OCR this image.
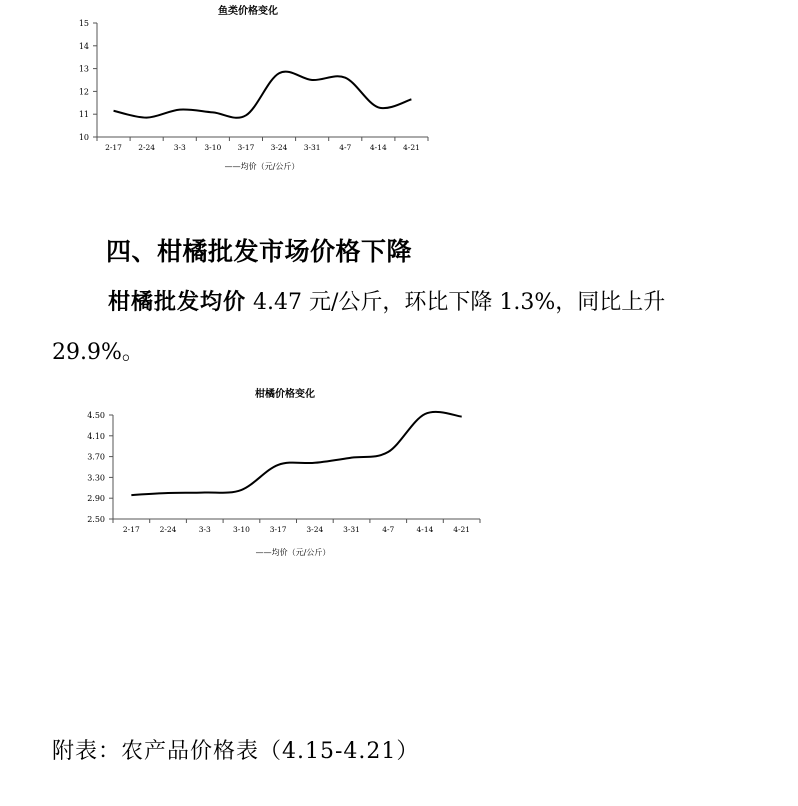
鱼类价格变化
10
11
12
13
14
15
2-17 2-24 3-3 3-10 3-17 3-24 3-31 4-7 4-14 4-21
——均价（元/公斤）
四、柑橘批发市场价格下降
柑橘批发均价 4.47 元/公斤，环比下降 1.3%，同比上升 29.9%。
柑橘价格变化
2.50
2.90
3.30
3.70
4.10
4.50
2-17	2-24	3-3	3-10	3-17	3-24	3-31	4-7	4-14	4-21
——均价（元/公斤）
附表：农产品价格表（4.15-4.21）
